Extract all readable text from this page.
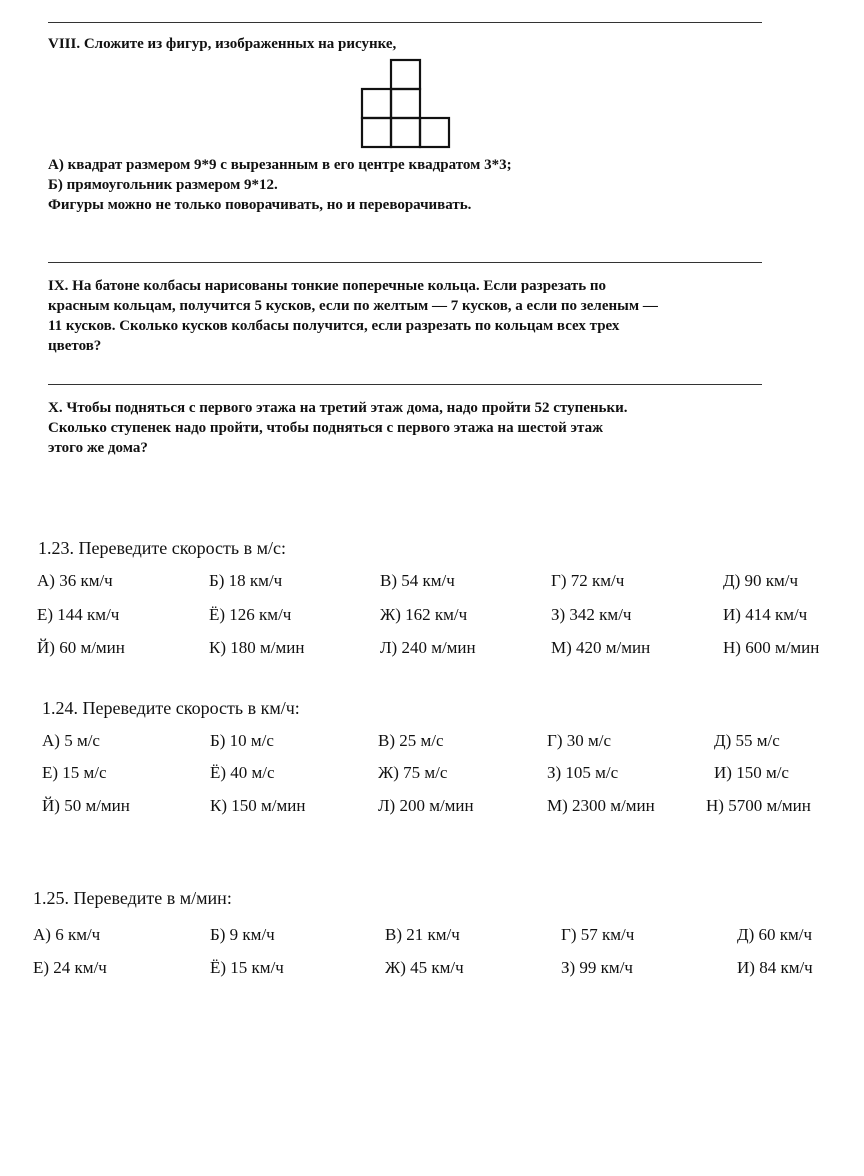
VIII. Сложите из фигур, изображенных на рисунке,

А) квадрат размером 9*9 с вырезанным в его центре квадратом 3*3;

Б) прямоугольник размером 9*12.

Фигуры можно не только поворачивать, но и переворачивать.

IX. На батоне колбасы нарисованы тонкие поперечные кольца. Если разрезать по

красным кольцам, получится 5 кусков, если по желтым — 7 кусков, а если по зеленым —

11 кусков. Сколько кусков колбасы получится, если разрезать по кольцам всех трех

цветов?

X. Чтобы подняться с первого этажа на третий этаж дома, надо пройти 52 ступеньки.

Сколько ступенек надо пройти, чтобы подняться с первого этажа на шестой этаж

этого же дома?

1.23. Переведите скорость в м/с:

А) 36 км/ч	Б) 18 км/ч	В) 54 км/ч	Г) 72 км/ч	Д) 90 км/ч
Е) 144 км/ч	Ё) 126 км/ч	Ж) 162 км/ч	З) 342 км/ч	И) 414 км/ч
Й) 60 м/мин	К) 180 м/мин	Л) 240 м/мин	М) 420 м/мин	Н) 600 м/мин

1.24. Переведите скорость в км/ч:

А) 5 м/с	Б) 10 м/с	В) 25 м/с	Г) 30 м/с	Д) 55 м/с
Е) 15 м/с	Ё) 40 м/с	Ж) 75 м/с	З) 105 м/с	И) 150 м/с
Й) 50 м/мин	К) 150 м/мин	Л) 200 м/мин	М) 2300 м/мин	Н) 5700 м/мин

1.25. Переведите в м/мин:

А) 6 км/ч	Б) 9 км/ч	В) 21 км/ч	Г) 57 км/ч	Д) 60 км/ч
Е) 24 км/ч	Ё) 15 км/ч	Ж) 45 км/ч	З) 99 км/ч	И) 84 км/ч
